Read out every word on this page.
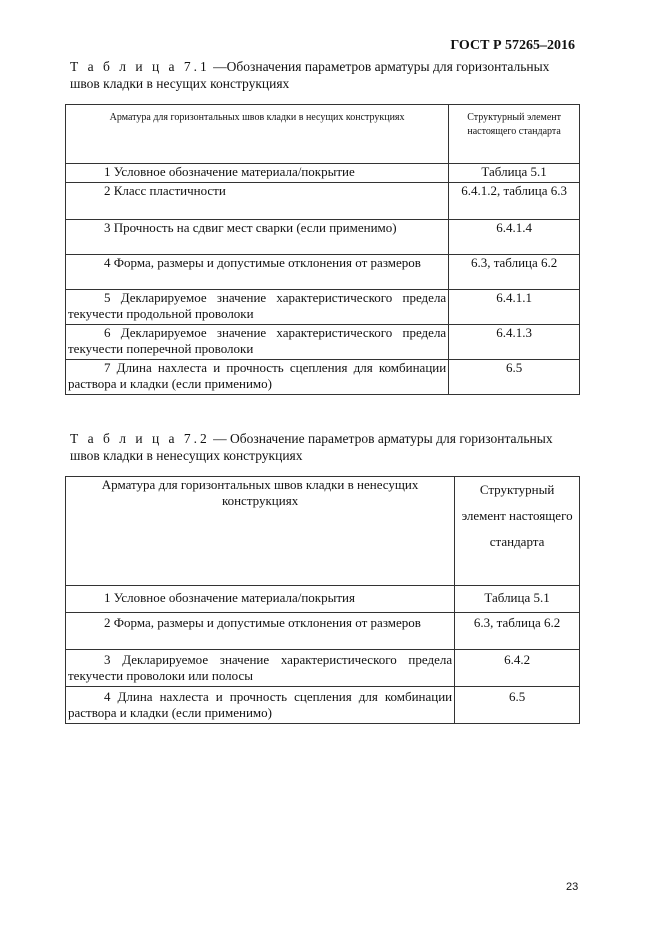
ГОСТ Р 57265–2016
Т а б л и ц а 7.1 —Обозначения параметров арматуры для горизонтальных швов кладки в несущих конструкциях
Арматура для горизонтальных швов кладки в несущих конструкциях	Структурный элемент настоящего стандарта
1 Условное обозначение материала/покрытие	Таблица 5.1
2 Класс пластичности	6.4.1.2, таблица 6.3
3 Прочность на сдвиг мест сварки (если применимо)	6.4.1.4
4 Форма, размеры и допустимые отклонения от размеров	6.3, таблица 6.2
5 Декларируемое значение характеристического предела текучести продольной проволоки	6.4.1.1
6 Декларируемое значение характеристического предела текучести поперечной проволоки	6.4.1.3
7 Длина нахлеста и прочность сцепления для комбинации раствора и кладки (если применимо)	6.5
Т а б л и ц а 7.2 — Обозначение параметров арматуры для горизонтальных швов кладки в ненесущих конструкциях
Арматура для горизонтальных швов кладки в ненесущих конструкциях	Структурный элемент настоящего стандарта
1 Условное обозначение материала/покрытия	Таблица 5.1
2 Форма, размеры и допустимые отклонения от размеров	6.3, таблица 6.2
3 Декларируемое значение характеристического предела текучести проволоки или полосы	6.4.2
4 Длина нахлеста и прочность сцепления для комбинации раствора и кладки (если применимо)	6.5
23
